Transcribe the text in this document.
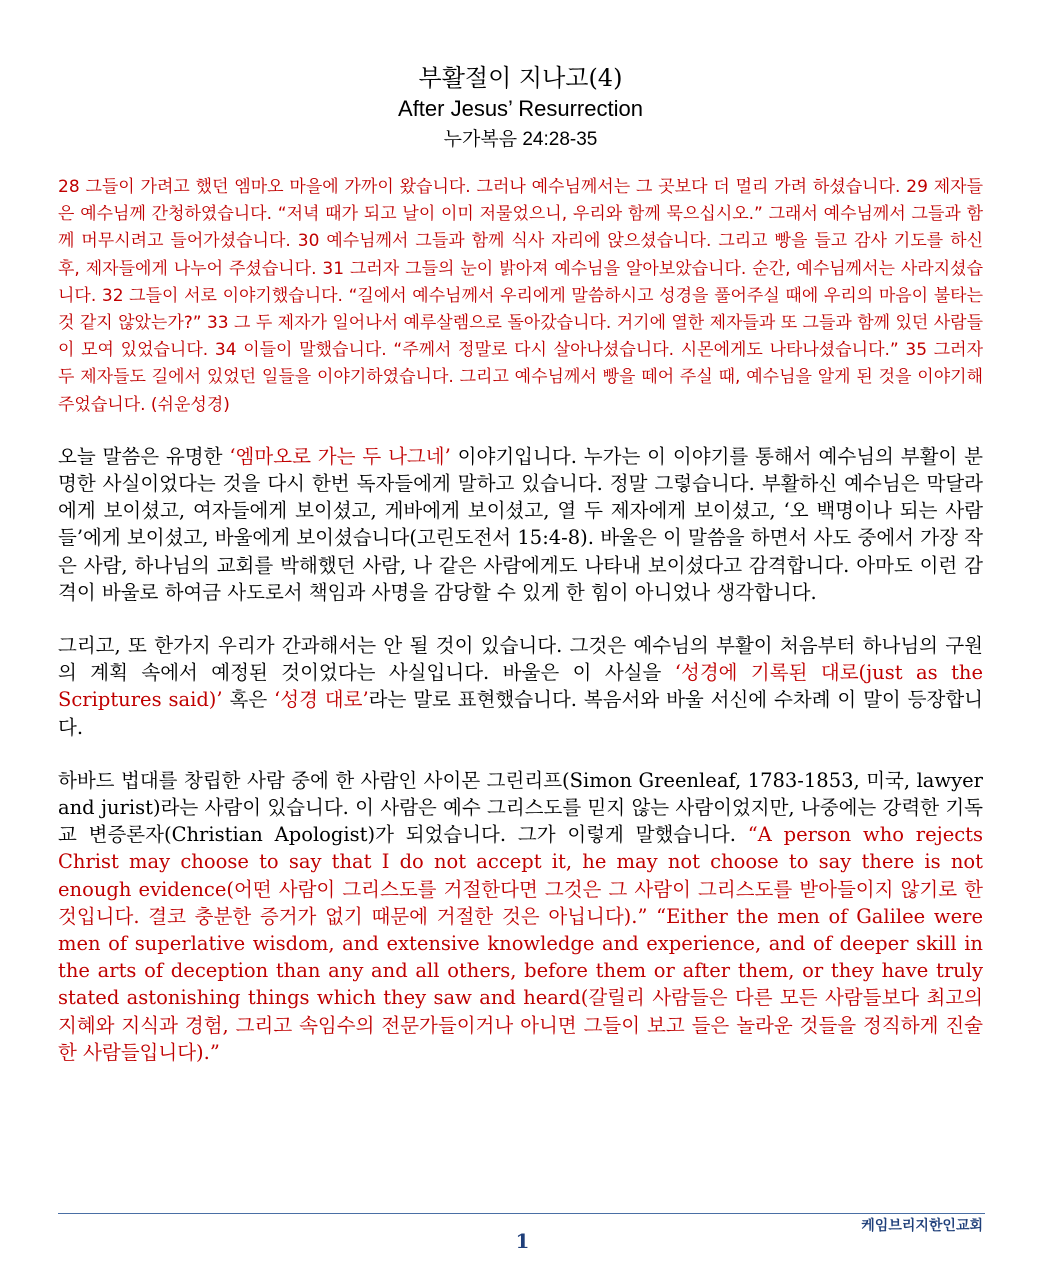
부활절이 지나고(4)
After Jesus’ Resurrection
누가복음 24:28-35

28 그들이 가려고 했던 엠마오 마을에 가까이 왔습니다. 그러나 예수님께서는 그 곳보다 더 멀리 가려 하셨습니다. 29 제자들은 예수님께 간청하였습니다. “저녁 때가 되고 날이 이미 저물었으니, 우리와 함께 묵으십시오.” 그래서 예수님께서 그들과 함께 머무시려고 들어가셨습니다. 30 예수님께서 그들과 함께 식사 자리에 앉으셨습니다. 그리고 빵을 들고 감사 기도를 하신 후, 제자들에게 나누어 주셨습니다. 31 그러자 그들의 눈이 밝아져 예수님을 알아보았습니다. 순간, 예수님께서는 사라지셨습니다. 32 그들이 서로 이야기했습니다. “길에서 예수님께서 우리에게 말씀하시고 성경을 풀어주실 때에 우리의 마음이 불타는 것 같지 않았는가?” 33 그 두 제자가 일어나서 예루살렘으로 돌아갔습니다. 거기에 열한 제자들과 또 그들과 함께 있던 사람들이 모여 있었습니다. 34 이들이 말했습니다. “주께서 정말로 다시 살아나셨습니다. 시몬에게도 나타나셨습니다.” 35 그러자 두 제자들도 길에서 있었던 일들을 이야기하였습니다. 그리고 예수님께서 빵을 떼어 주실 때, 예수님을 알게 된 것을 이야기해 주었습니다. (쉬운성경)

오늘 말씀은 유명한 ‘엠마오로 가는 두 나그네’ 이야기입니다. 누가는 이 이야기를 통해서 예수님의 부활이 분명한 사실이었다는 것을 다시 한번 독자들에게 말하고 있습니다. 정말 그렇습니다. 부활하신 예수님은 막달라에게 보이셨고, 여자들에게 보이셨고, 게바에게 보이셨고, 열 두 제자에게 보이셨고, ‘오 백명이나 되는 사람들’에게 보이셨고, 바울에게 보이셨습니다(고린도전서 15:4-8). 바울은 이 말씀을 하면서 사도 중에서 가장 작은 사람, 하나님의 교회를 박해했던 사람, 나 같은 사람에게도 나타내 보이셨다고 감격합니다. 아마도 이런 감격이 바울로 하여금 사도로서 책임과 사명을 감당할 수 있게 한 힘이 아니었나 생각합니다.

그리고, 또 한가지 우리가 간과해서는 안 될 것이 있습니다. 그것은 예수님의 부활이 처음부터 하나님의 구원의 계획 속에서 예정된 것이었다는 사실입니다. 바울은 이 사실을 ‘성경에 기록된 대로(just as the Scriptures said)’ 혹은 ‘성경 대로’라는 말로 표현했습니다. 복음서와 바울 서신에 수차례 이 말이 등장합니다.

하바드 법대를 창립한 사람 중에 한 사람인 사이몬 그린리프(Simon Greenleaf, 1783-1853, 미국, lawyer and jurist)라는 사람이 있습니다. 이 사람은 예수 그리스도를 믿지 않는 사람이었지만, 나중에는 강력한 기독교 변증론자(Christian Apologist)가 되었습니다. 그가 이렇게 말했습니다. “A person who rejects Christ may choose to say that I do not accept it, he may not choose to say there is not enough evidence(어떤 사람이 그리스도를 거절한다면 그것은 그 사람이 그리스도를 받아들이지 않기로 한 것입니다. 결코 충분한 증거가 없기 때문에 거절한 것은 아닙니다).” “Either the men of Galilee were men of superlative wisdom, and extensive knowledge and experience, and of deeper skill in the arts of deception than any and all others, before them or after them, or they have truly stated astonishing things which they saw and heard(갈릴리 사람들은 다른 모든 사람들보다 최고의 지혜와 지식과 경험, 그리고 속임수의 전문가들이거나 아니면 그들이 보고 들은 놀라운 것들을 정직하게 진술한 사람들입니다).”

케임브리지한인교회
1
